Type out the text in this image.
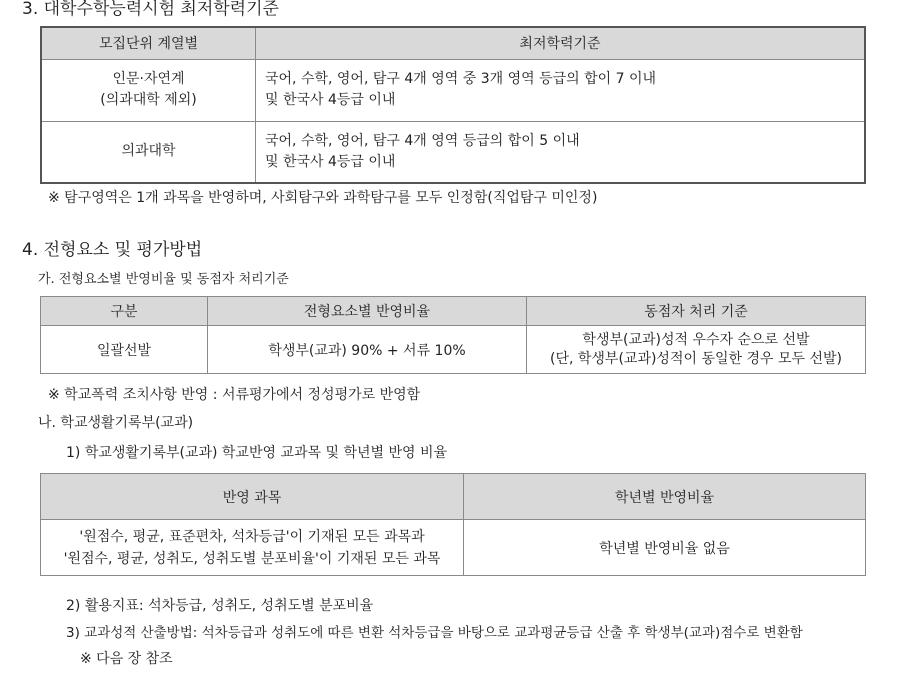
3. 대학수학능력시험 최저학력기준
모집단위 계열별	최저학력기준

인문·자연계
(의과대학 제외)	국어, 수학, 영어, 탐구 4개 영역 중 3개 영역 등급의 합이 7 이내
및 한국사 4등급 이내

의과대학	국어, 수학, 영어, 탐구 4개 영역 등급의 합이 5 이내
및 한국사 4등급 이내
※ 탐구영역은 1개 과목을 반영하며, 사회탐구와 과학탐구를 모두 인정함(직업탐구 미인정)
4. 전형요소 및 평가방법
가. 전형요소별 반영비율 및 동점자 처리기준
구분	전형요소별 반영비율	동점자 처리 기준
일괄선발	학생부(교과) 90% + 서류 10%	학생부(교과)성적 우수자 순으로 선발
(단, 학생부(교과)성적이 동일한 경우 모두 선발)
※ 학교폭력 조치사항 반영 : 서류평가에서 정성평가로 반영함
나. 학교생활기록부(교과)
1) 학교생활기록부(교과) 학교반영 교과목 및 학년별 반영 비율
반영 과목	학년별 반영비율

'원점수, 평균, 표준편차, 석차등급'이 기재된 모든 과목과
'원점수, 평균, 성취도, 성취도별 분포비율'이 기재된 모든 과목	학년별 반영비율 없음
2) 활용지표: 석차등급, 성취도, 성취도별 분포비율
3) 교과성적 산출방법: 석차등급과 성취도에 따른 변환 석차등급을 바탕으로 교과평균등급 산출 후 학생부(교과)점수로 변환함
※ 다음 장 참조
